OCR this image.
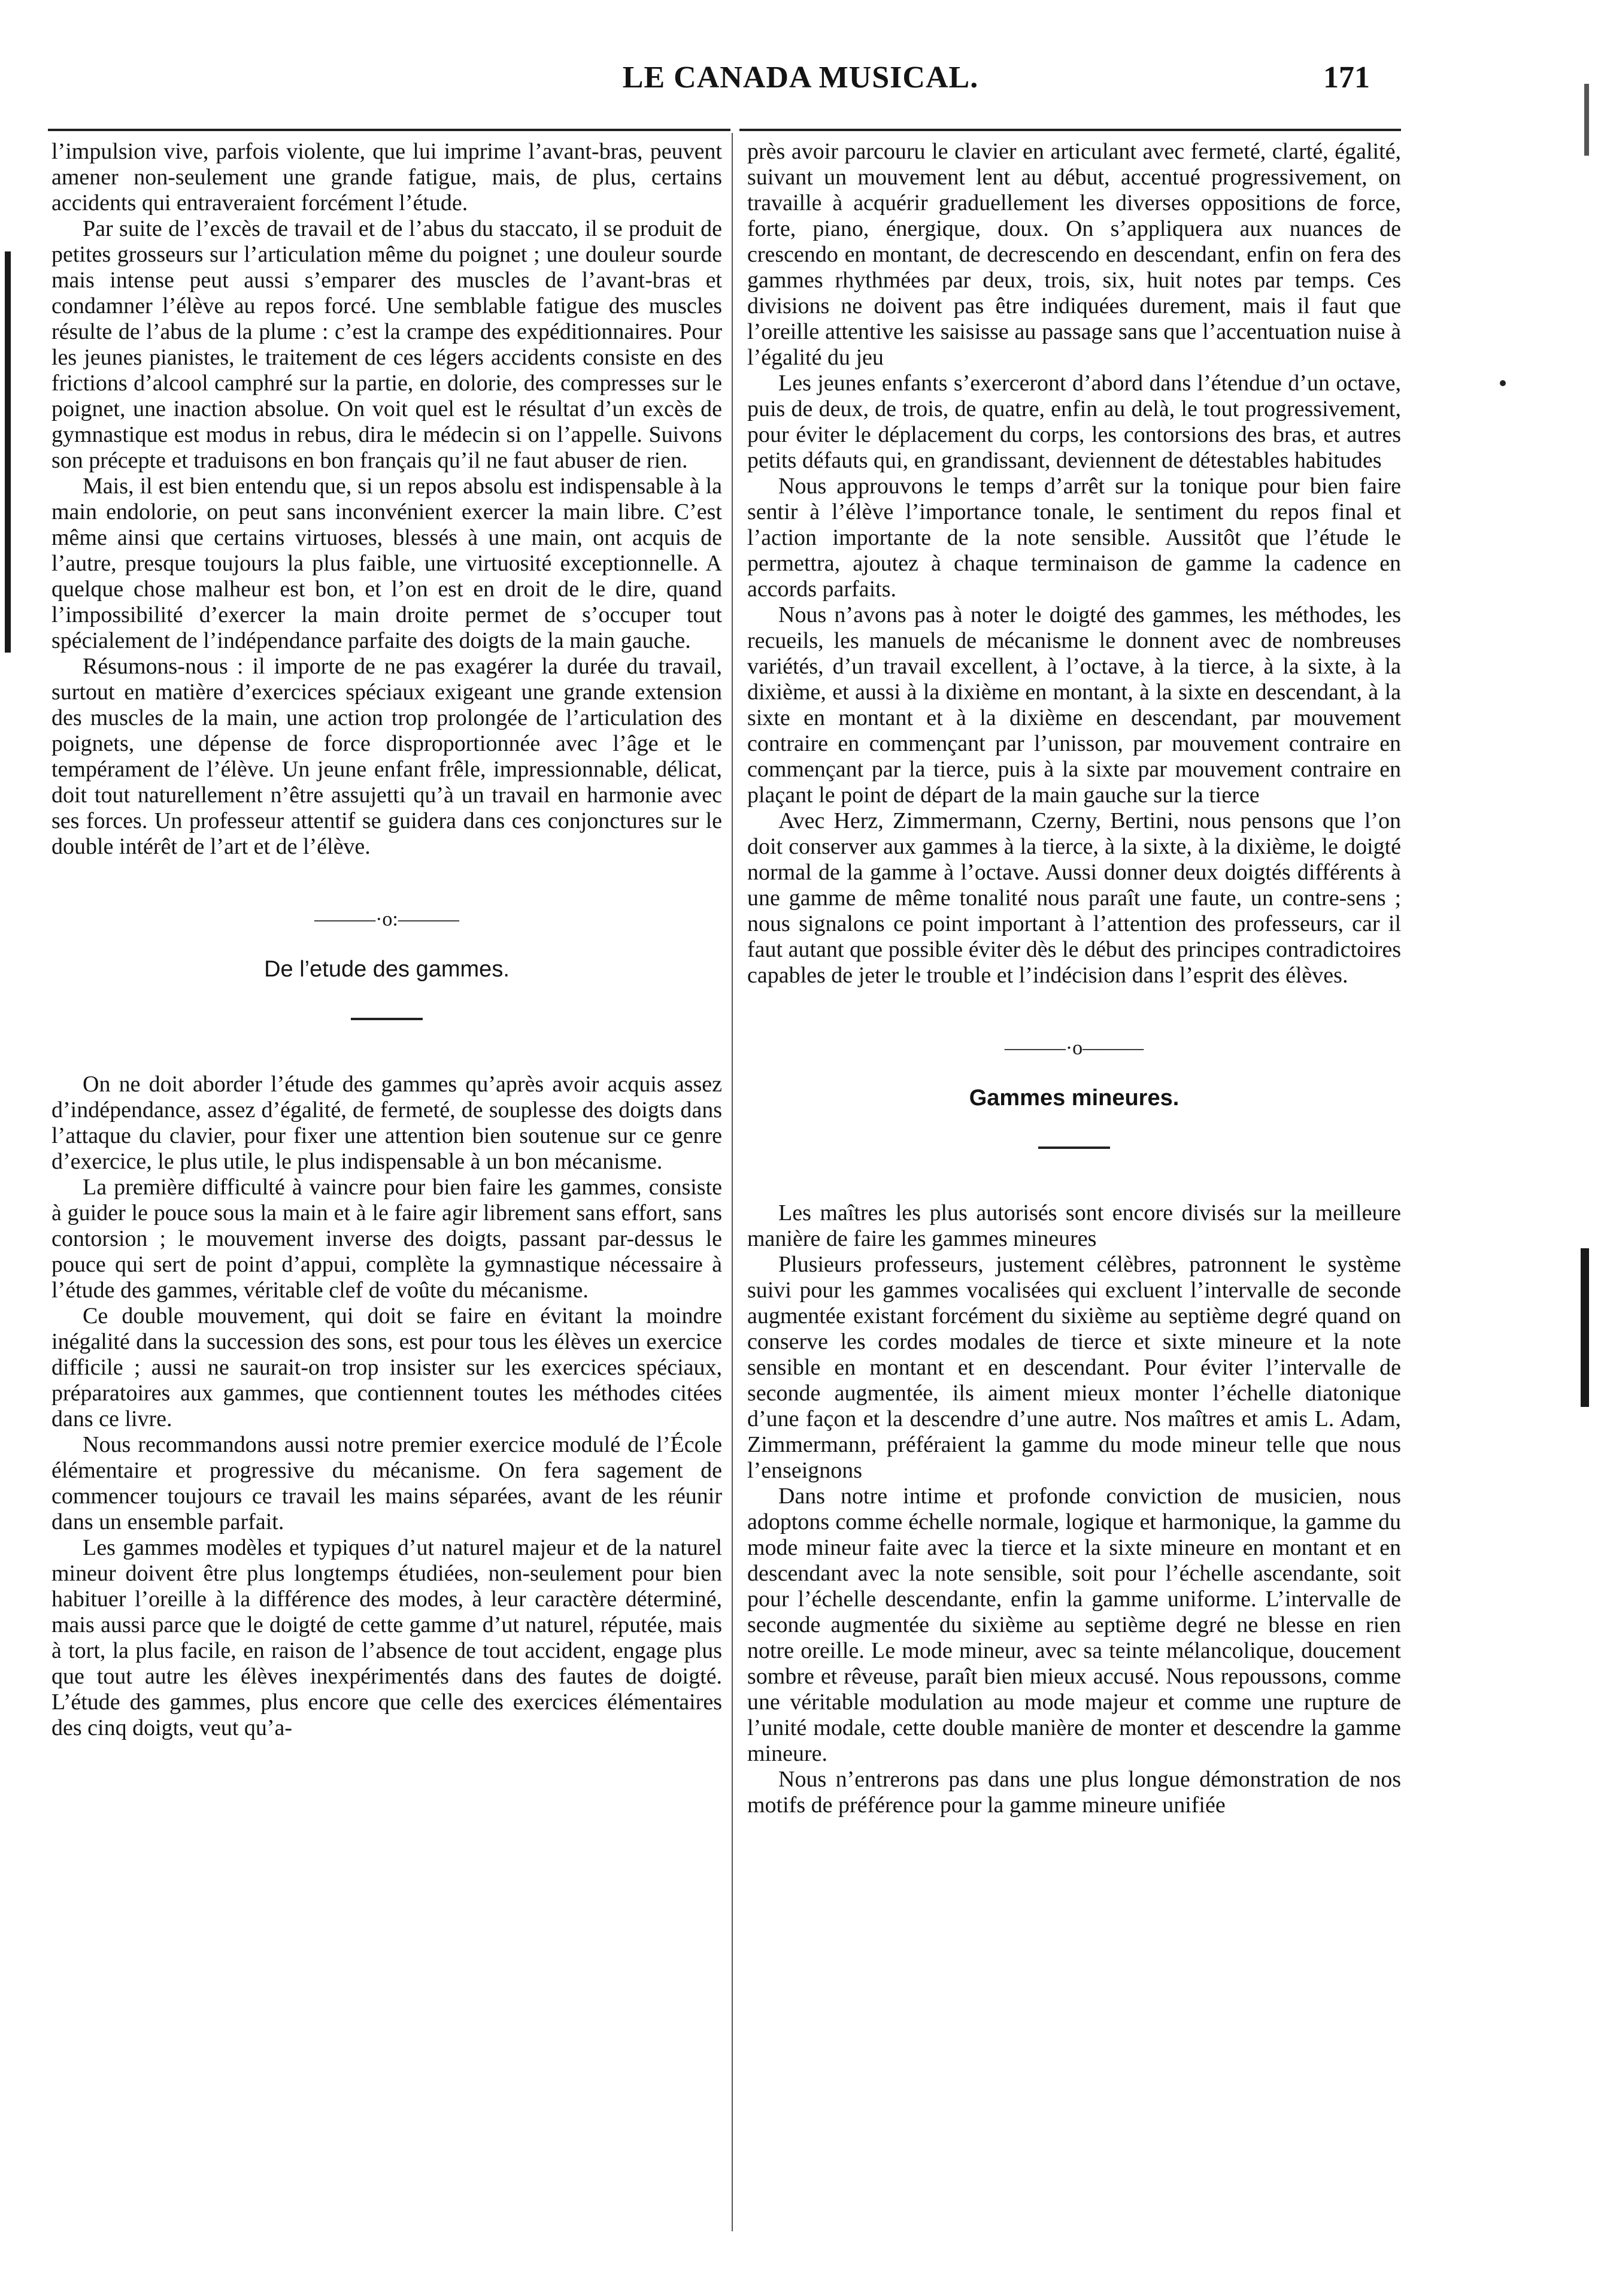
LE CANADA MUSICAL.	171

l’impulsion vive, parfois violente, que lui imprime l’avant-bras, peuvent amener non-seulement une grande fatigue, mais, de plus, certains accidents qui entraveraient forcément l’étude.

Par suite de l’excès de travail et de l’abus du staccato, il se produit de petites grosseurs sur l’articulation même du poignet ; une douleur sourde mais intense peut aussi s’emparer des muscles de l’avant-bras et condamner l’élève au repos forcé. Une semblable fatigue des muscles résulte de l’abus de la plume : c’est la crampe des expéditionnaires. Pour les jeunes pianistes, le traitement de ces légers accidents consiste en des frictions d’alcool camphré sur la partie, en dolorie, des compresses sur le poignet, une inaction absolue. On voit quel est le résultat d’un excès de gymnastique est modus in rebus, dira le médecin si on l’appelle. Suivons son précepte et traduisons en bon français qu’il ne faut abuser de rien.

Mais, il est bien entendu que, si un repos absolu est indispensable à la main endolorie, on peut sans inconvénient exercer la main libre. C’est même ainsi que certains virtuoses, blessés à une main, ont acquis de l’autre, presque toujours la plus faible, une virtuosité exceptionnelle. A quelque chose malheur est bon, et l’on est en droit de le dire, quand l’impossibilité d’exercer la main droite permet de s’occuper tout spécialement de l’indépendance parfaite des doigts de la main gauche.

Résumons-nous : il importe de ne pas exagérer la durée du travail, surtout en matière d’exercices spéciaux exigeant une grande extension des muscles de la main, une action trop prolongée de l’articulation des poignets, une dépense de force disproportionnée avec l’âge et le tempérament de l’élève. Un jeune enfant frêle, impressionnable, délicat, doit tout naturellement n’être assujetti qu’à un travail en harmonie avec ses forces. Un professeur attentif se guidera dans ces conjonctures sur le double intérêt de l’art et de l’élève.

———·o:———
De l’etude des gammes.

On ne doit aborder l’étude des gammes qu’après avoir acquis assez d’indépendance, assez d’égalité, de fermeté, de souplesse des doigts dans l’attaque du clavier, pour fixer une attention bien soutenue sur ce genre d’exercice, le plus utile, le plus indispensable à un bon mécanisme.

La première difficulté à vaincre pour bien faire les gammes, consiste à guider le pouce sous la main et à le faire agir librement sans effort, sans contorsion ; le mouvement inverse des doigts, passant par-dessus le pouce qui sert de point d’appui, complète la gymnastique nécessaire à l’étude des gammes, véritable clef de voûte du mécanisme.

Ce double mouvement, qui doit se faire en évitant la moindre inégalité dans la succession des sons, est pour tous les élèves un exercice difficile ; aussi ne saurait-on trop insister sur les exercices spéciaux, préparatoires aux gammes, que contiennent toutes les méthodes citées dans ce livre.

Nous recommandons aussi notre premier exercice modulé de l’École élémentaire et progressive du mécanisme. On fera sagement de commencer toujours ce travail les mains séparées, avant de les réunir dans un ensemble parfait.

Les gammes modèles et typiques d’ut naturel majeur et de la naturel mineur doivent être plus longtemps étudiées, non-seulement pour bien habituer l’oreille à la différence des modes, à leur caractère déterminé, mais aussi parce que le doigté de cette gamme d’ut naturel, réputée, mais à tort, la plus facile, en raison de l’absence de tout accident, engage plus que tout autre les élèves inexpérimentés dans des fautes de doigté. L’étude des gammes, plus encore que celle des exercices élémentaires des cinq doigts, veut qu’a-

près avoir parcouru le clavier en articulant avec fermeté, clarté, égalité, suivant un mouvement lent au début, accentué progressivement, on travaille à acquérir graduellement les diverses oppositions de force, forte, piano, énergique, doux. On s’appliquera aux nuances de crescendo en montant, de decrescendo en descendant, enfin on fera des gammes rhythmées par deux, trois, six, huit notes par temps. Ces divisions ne doivent pas être indiquées durement, mais il faut que l’oreille attentive les saisisse au passage sans que l’accentuation nuise à l’égalité du jeu

Les jeunes enfants s’exerceront d’abord dans l’étendue d’un octave, puis de deux, de trois, de quatre, enfin au delà, le tout progressivement, pour éviter le déplacement du corps, les contorsions des bras, et autres petits défauts qui, en grandissant, deviennent de détestables habitudes

Nous approuvons le temps d’arrêt sur la tonique pour bien faire sentir à l’élève l’importance tonale, le sentiment du repos final et l’action importante de la note sensible. Aussitôt que l’étude le permettra, ajoutez à chaque terminaison de gamme la cadence en accords parfaits.

Nous n’avons pas à noter le doigté des gammes, les méthodes, les recueils, les manuels de mécanisme le donnent avec de nombreuses variétés, d’un travail excellent, à l’octave, à la tierce, à la sixte, à la dixième, et aussi à la dixième en montant, à la sixte en descendant, à la sixte en montant et à la dixième en descendant, par mouvement contraire en commençant par l’unisson, par mouvement contraire en commençant par la tierce, puis à la sixte par mouvement contraire en plaçant le point de départ de la main gauche sur la tierce

Avec Herz, Zimmermann, Czerny, Bertini, nous pensons que l’on doit conserver aux gammes à la tierce, à la sixte, à la dixième, le doigté normal de la gamme à l’octave. Aussi donner deux doigtés différents à une gamme de même tonalité nous paraît une faute, un contre-sens ; nous signalons ce point important à l’attention des professeurs, car il faut autant que possible éviter dès le début des principes contradictoires capables de jeter le trouble et l’indécision dans l’esprit des élèves.

———·o———
Gammes mineures.

Les maîtres les plus autorisés sont encore divisés sur la meilleure manière de faire les gammes mineures

Plusieurs professeurs, justement célèbres, patronnent le système suivi pour les gammes vocalisées qui excluent l’intervalle de seconde augmentée existant forcément du sixième au septième degré quand on conserve les cordes modales de tierce et sixte mineure et la note sensible en montant et en descendant. Pour éviter l’intervalle de seconde augmentée, ils aiment mieux monter l’échelle diatonique d’une façon et la descendre d’une autre. Nos maîtres et amis L. Adam, Zimmermann, préféraient la gamme du mode mineur telle que nous l’enseignons

Dans notre intime et profonde conviction de musicien, nous adoptons comme échelle normale, logique et harmonique, la gamme du mode mineur faite avec la tierce et la sixte mineure en montant et en descendant avec la note sensible, soit pour l’échelle ascendante, soit pour l’échelle descendante, enfin la gamme uniforme. L’intervalle de seconde augmentée du sixième au septième degré ne blesse en rien notre oreille. Le mode mineur, avec sa teinte mélancolique, doucement sombre et rêveuse, paraît bien mieux accusé. Nous repoussons, comme une véritable modulation au mode majeur et comme une rupture de l’unité modale, cette double manière de monter et descendre la gamme mineure.

Nous n’entrerons pas dans une plus longue démonstration de nos motifs de préférence pour la gamme mineure unifiée
